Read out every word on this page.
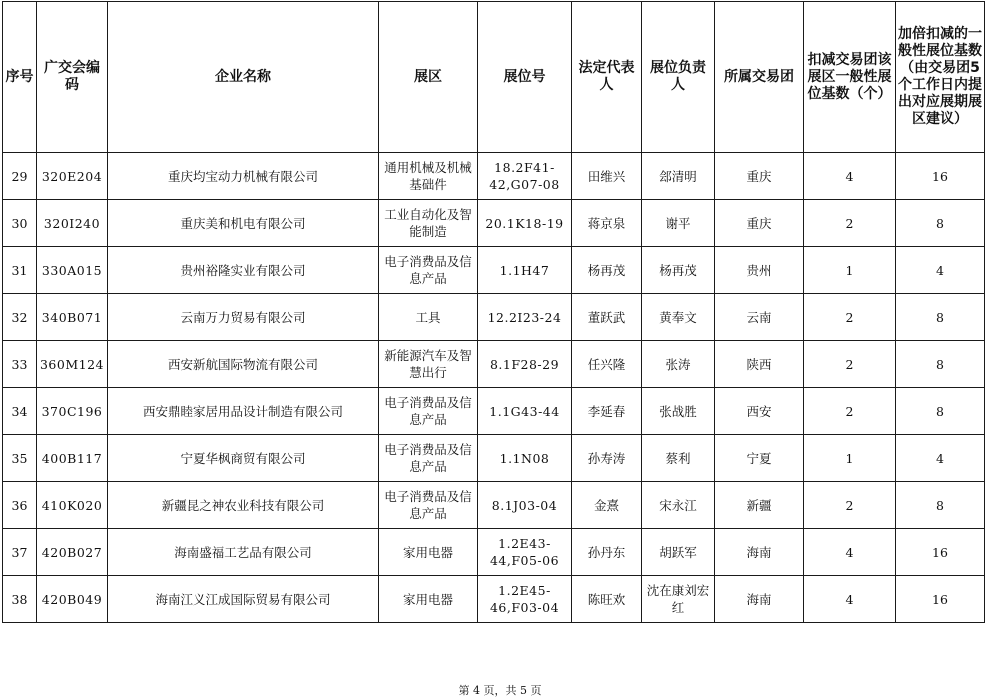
序号	广交会编码	企业名称	展区	展位号	法定代表人	展位负责人	所属交易团	扣减交易团该展区一般性展位基数（个）	加倍扣减的一般性展位基数（由交易团5个工作日内提出对应展期展区建议）
29	320E204	重庆均宝动力机械有限公司	通用机械及机械基础件	18.2F41-42,G07-08	田维兴	郐清明	重庆	4	16
30	320I240	重庆美和机电有限公司	工业自动化及智能制造	20.1K18-19	蒋京泉	谢平	重庆	2	8
31	330A015	贵州裕隆实业有限公司	电子消费品及信息产品	1.1H47	杨再茂	杨再茂	贵州	1	4
32	340B071	云南万力贸易有限公司	工具	12.2I23-24	董跃武	黄奉文	云南	2	8
33	360M124	西安新航国际物流有限公司	新能源汽车及智慧出行	8.1F28-29	任兴隆	张涛	陕西	2	8
34	370C196	西安鼎睦家居用品设计制造有限公司	电子消费品及信息产品	1.1G43-44	李延春	张战胜	西安	2	8
35	400B117	宁夏华枫商贸有限公司	电子消费品及信息产品	1.1N08	孙寿涛	蔡利	宁夏	1	4
36	410K020	新疆昆之神农业科技有限公司	电子消费品及信息产品	8.1J03-04	金熹	宋永江	新疆	2	8
37	420B027	海南盛福工艺品有限公司	家用电器	1.2E43-44,F05-06	孙丹东	胡跃军	海南	4	16
38	420B049	海南江义江成国际贸易有限公司	家用电器	1.2E45-46,F03-04	陈旺欢	沈在康刘宏红	海南	4	16
第 4 页，共 5 页
